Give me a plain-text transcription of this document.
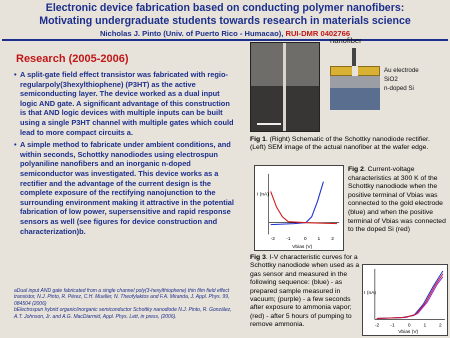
Electronic device fabrication based on conducting polymer nanofibers:
Motivating undergraduate students towards research in materials science
Nicholas J. Pinto (Univ. of Puerto Rico - Humacao), RUI-DMR 0402766
Research (2005-2006)
• A split-gate field effect transistor was fabricated with regio-regularpoly(3hexylthiophene) (P3HT) as the active semiconducting layer. The device worked as a dual input logic AND gate. A significant advantage of this construction is that AND logic devices with multiple inputs can be built using a single P3HT channel with multiple gates which could lead to more compact circuits a.
• A simple method to fabricate under ambient conditions, and within seconds, Schottky nanodiodes using electrospun polyaniline nanofibers and an inorganic n-doped semiconductor was investigated. This device works as a rectifier and the advantage of the current design is the complete exposure of the rectifying nanojunction to the surrounding environment making it attractive in the potential fabrication of low power, supersensitive and rapid response sensors as well (see figures for device construction and characterization)b.
aDual input AND gate fabricated from a single channel poly(3-hexylthiophene) thin film field effect transistor, N.J. Pinto, R. Pérez, C.H. Mueller, N. Theofylaktos and F.A. Miranda, J. Appl. Phys. 99, 084504 (2006)
bElectrospun hybrid organic/inorganic semiconductor Schottky nanodiode N.J. Pinto, R. González, A.T. Johnson, Jr. and A.G. MacDiarmid, Appl. Phys. Lett, in press, (2006).
nanofiber
Au electrode
SiO2
n-doped Si
Fig 1. (Right) Schematic of the Schottky nanodiode rectifier. (Left) SEM image of the actual nanofiber at the wafer edge.
-2 -1	0 1 2
Vbias (V)
I (nA)
Fig 2. Current-voltage characteristics at 300 K of the Schottky nanodiode when the positive terminal of Vbias was connected to the gold electrode (blue) and when the positive terminal of Vbias was connected to the doped Si (red)
Fig 3. I-V characteristic curves for a Schottky nanodiode when used as a gas sensor and measured in the following sequence: (blue) - as prepared sample measured in vacuum; (purple) - a few seconds after exposure to ammonia vapor; (red) - after 5 hours of pumping to remove ammonia.	-2 -1	0	1	2
Vbias (V)
I (nA)
